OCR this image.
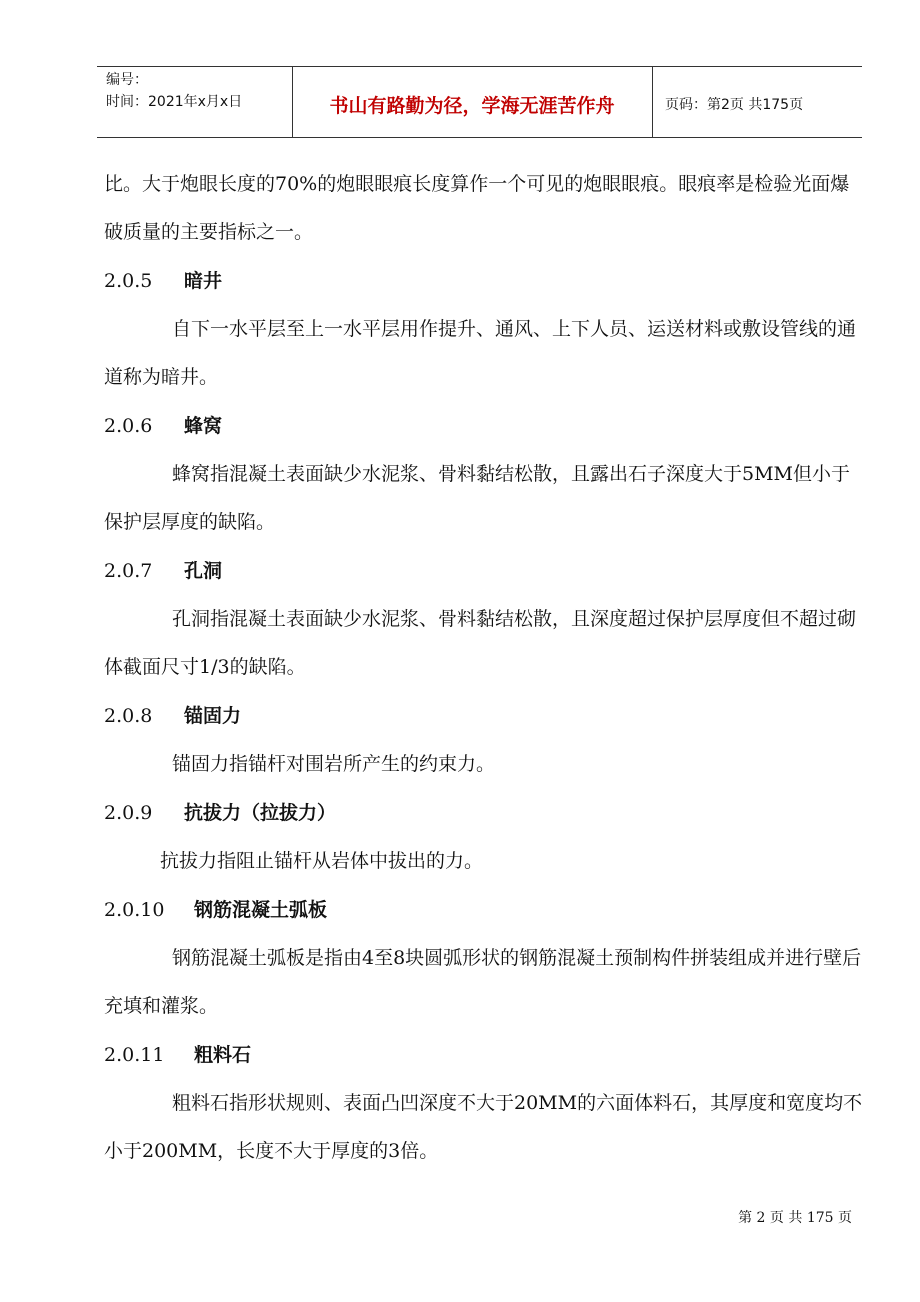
编号：
时间：2021年x月x日	书山有路勤为径，学海无涯苦作舟	页码：第2页 共175页

比。大于炮眼长度的70%的炮眼眼痕长度算作一个可见的炮眼眼痕。眼痕率是检验光面爆破质量的主要指标之一。

2.0.5 暗井

自下一水平层至上一水平层用作提升、通风、上下人员、运送材料或敷设管线的通道称为暗井。

2.0.6 蜂窝

蜂窝指混凝土表面缺少水泥浆、骨料黏结松散，且露出石子深度大于5MM但小于保护层厚度的缺陷。

2.0.7 孔洞

孔洞指混凝土表面缺少水泥浆、骨料黏结松散，且深度超过保护层厚度但不超过砌体截面尺寸1/3的缺陷。

2.0.8 锚固力

锚固力指锚杆对围岩所产生的约束力。

2.0.9 抗拔力（拉拔力）

抗拔力指阻止锚杆从岩体中拔出的力。

2.0.10 钢筋混凝土弧板

钢筋混凝土弧板是指由4至8块圆弧形状的钢筋混凝土预制构件拼装组成并进行壁后充填和灌浆。

2.0.11 粗料石

粗料石指形状规则、表面凸凹深度不大于20MM的六面体料石，其厚度和宽度均不小于200MM，长度不大于厚度的3倍。

第 2 页 共 175 页
